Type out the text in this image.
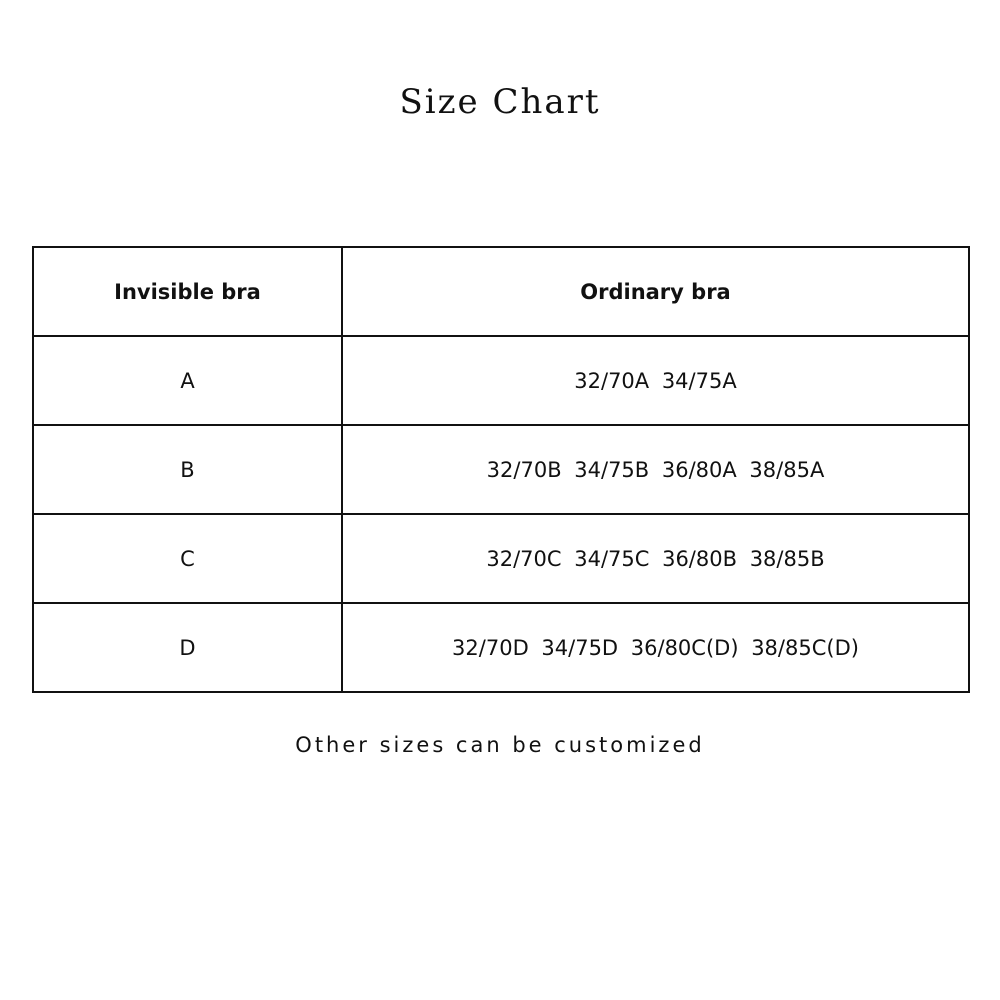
Size Chart
Invisible bra	Ordinary bra
A	32/70A 34/75A
B	32/70B 34/75B 36/80A 38/85A
C	32/70C 34/75C 36/80B 38/85B
D	32/70D 34/75D 36/80C(D) 38/85C(D)
Other sizes can be customized
